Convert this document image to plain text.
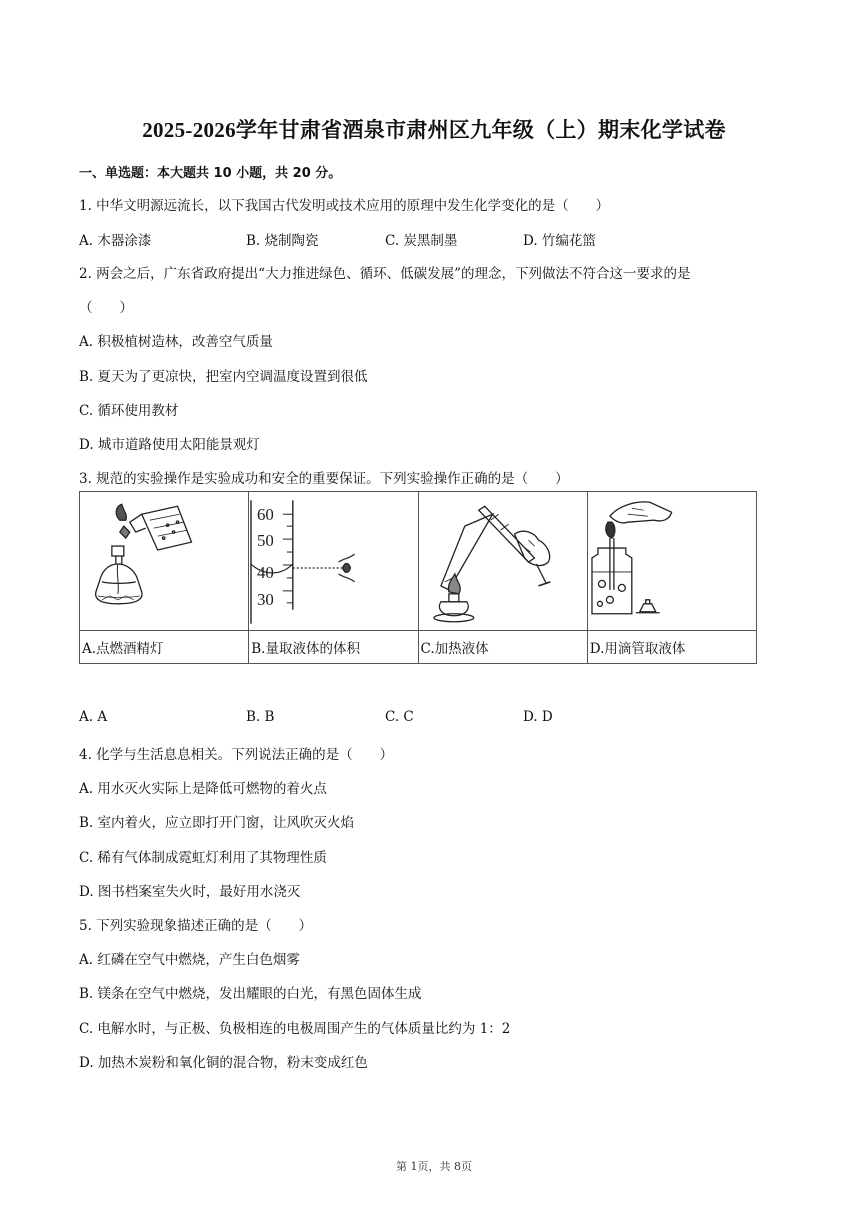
2025-2026学年甘肃省酒泉市肃州区九年级（上）期末化学试卷
一、单选题：本大题共 10 小题，共 20 分。
1. 中华文明源远流长，以下我国古代发明或技术应用的原理中发生化学变化的是（　　）
A. 木器涂漆	B. 烧制陶瓷	C. 炭黑制墨	D. 竹编花篮
2. 两会之后，广东省政府提出“大力推进绿色、循环、低碳发展”的理念，下列做法不符合这一要求的是
（　　）
A. 积极植树造林，改善空气质量
B. 夏天为了更凉快，把室内空调温度设置到很低
C. 循环使用教材
D. 城市道路使用太阳能景观灯
3. 规范的实验操作是实验成功和安全的重要保证。下列实验操作正确的是（　　）

60
50
40
30

A.点燃酒精灯	B.量取液体的体积	C.加热液体	D.用滴管取液体
A. A	B. B	C. C	D. D
4. 化学与生活息息相关。下列说法正确的是（　　）
A. 用水灭火实际上是降低可燃物的着火点
B. 室内着火，应立即打开门窗，让风吹灭火焰
C. 稀有气体制成霓虹灯利用了其物理性质
D. 图书档案室失火时，最好用水浇灭
5. 下列实验现象描述正确的是（　　）
A. 红磷在空气中燃烧，产生白色烟雾
B. 镁条在空气中燃烧，发出耀眼的白光，有黑色固体生成
C. 电解水时，与正极、负极相连的电极周围产生的气体质量比约为 1：2
D. 加热木炭粉和氧化铜的混合物，粉末变成红色
第 1页，共 8页
